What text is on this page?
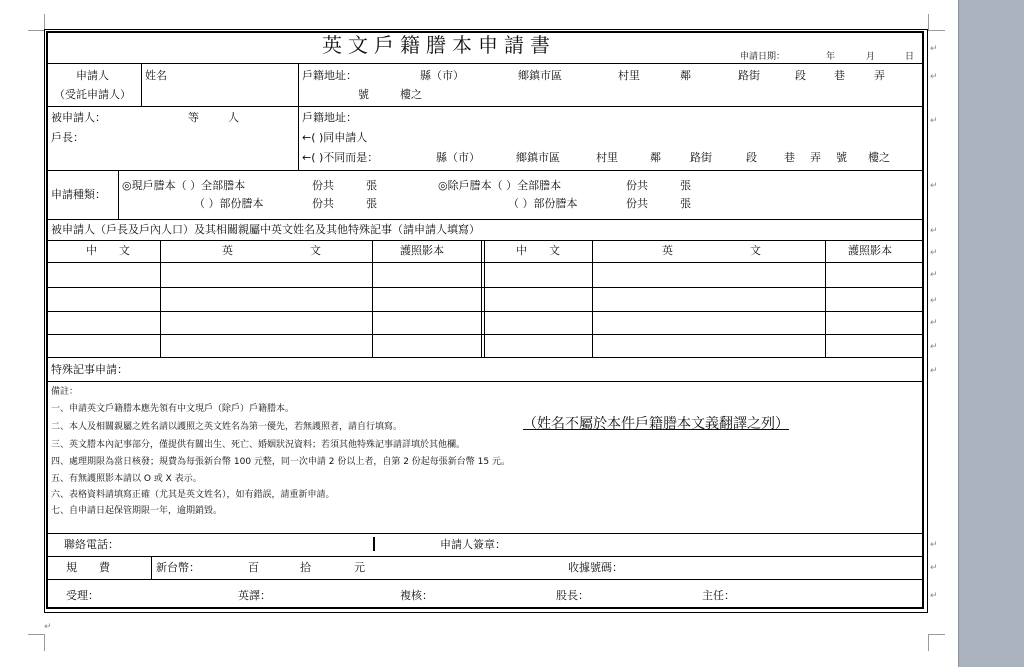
英文戶籍謄本申請書	申請日期：	年	月	日
申請人
（受託申請人）
姓名	戶籍地址：	縣（市）	鄉鎮市區	村里	鄰	路街	段	巷	弄
號	樓之
被申請人：	等	人
戶長：
戶籍地址：
←( )同申請人
←( )不同而是：	縣（市）	鄉鎮市區	村里	鄰	路街	段 巷 弄 號 樓之
申請種類：
◎現戶謄本（ ）全部謄本	份共	張
（ ）部份謄本	份共	張
◎除戶謄本（ ）全部謄本	份共	張
（ ）部份謄本	份共	張
被申請人（戶長及戶內人口）及其相關親屬中英文姓名及其他特殊記事（請申請人填寫）
中　　文	英　　　　　　　文	護照影本	中　　文	英　　　　　　　文	護照影本
特殊記事申請：
備註：
一、申請英文戶籍謄本應先領有中文現戶（除戶）戶籍謄本。
二、本人及相關親屬之姓名請以護照之英文姓名為第一優先，若無護照者，請自行填寫。	（姓名不屬於本件戶籍謄本文義翻譯之列）
三、英文謄本內記事部分，僅提供有關出生、死亡、婚姻狀況資料；若須其他特殊記事請詳填於其他欄。
四、處理期限為當日核發；規費為每張新台幣 100 元整，同一次申請 2 份以上者，自第 2 份起每張新台幣 15 元。
五、有無護照影本請以 O 或 X 表示。
六、表格資料請填寫正確（尤其是英文姓名），如有錯誤，請重新申請。
七、自申請日起保管期限一年，逾期銷毀。
聯絡電話：	申請人簽章：
規　　費	新台幣：	百	拾	元	收據號碼：
受理：	英譯：	複核：	股長：	主任：
↵
↵
↵
↵
↵
↵
↵
↵
↵
↵
↵
↵
↵
↵
↵
